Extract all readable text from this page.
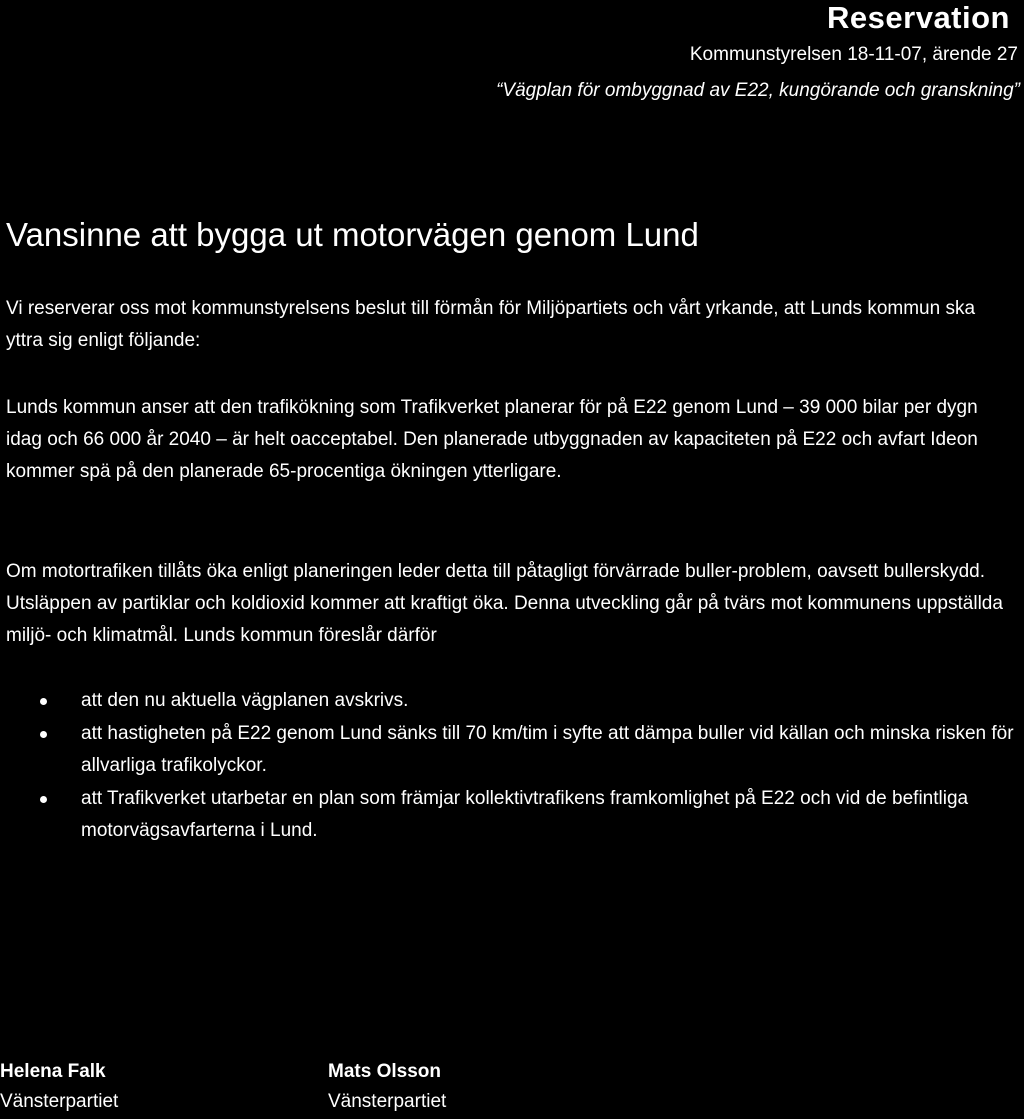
Reservation
Kommunstyrelsen 18-11-07, ärende 27
“Vägplan för ombyggnad av E22, kungörande och granskning”
Vansinne att bygga ut motorvägen genom Lund

Vi reserverar oss mot kommunstyrelsens beslut till förmån för Miljöpartiets och vårt yrkande, att Lunds kommun ska yttra sig enligt följande:

Lunds kommun anser att den trafikökning som Trafikverket planerar för på E22 genom Lund – 39 000 bilar per dygn idag och 66 000 år 2040 – är helt oacceptabel. Den planerade utbyggnaden av kapaciteten på E22 och avfart Ideon kommer spä på den planerade 65-procentiga ökningen ytterligare.

Om motortrafiken tillåts öka enligt planeringen leder detta till påtagligt förvärrade buller-problem, oavsett bullerskydd. Utsläppen av partiklar och koldioxid kommer att kraftigt öka. Denna utveckling går på tvärs mot kommunens uppställda miljö- och klimatmål. Lunds kommun föreslår därför

att den nu aktuella vägplanen avskrivs.
att hastigheten på E22 genom Lund sänks till 70 km/tim i syfte att dämpa buller vid källan och minska risken för allvarliga trafikolyckor.
att Trafikverket utarbetar en plan som främjar kollektivtrafikens framkomlighet på E22 och vid de befintliga motorvägsavfarterna i Lund.
Helena Falk
Vänsterpartiet
Mats Olsson
Vänsterpartiet
